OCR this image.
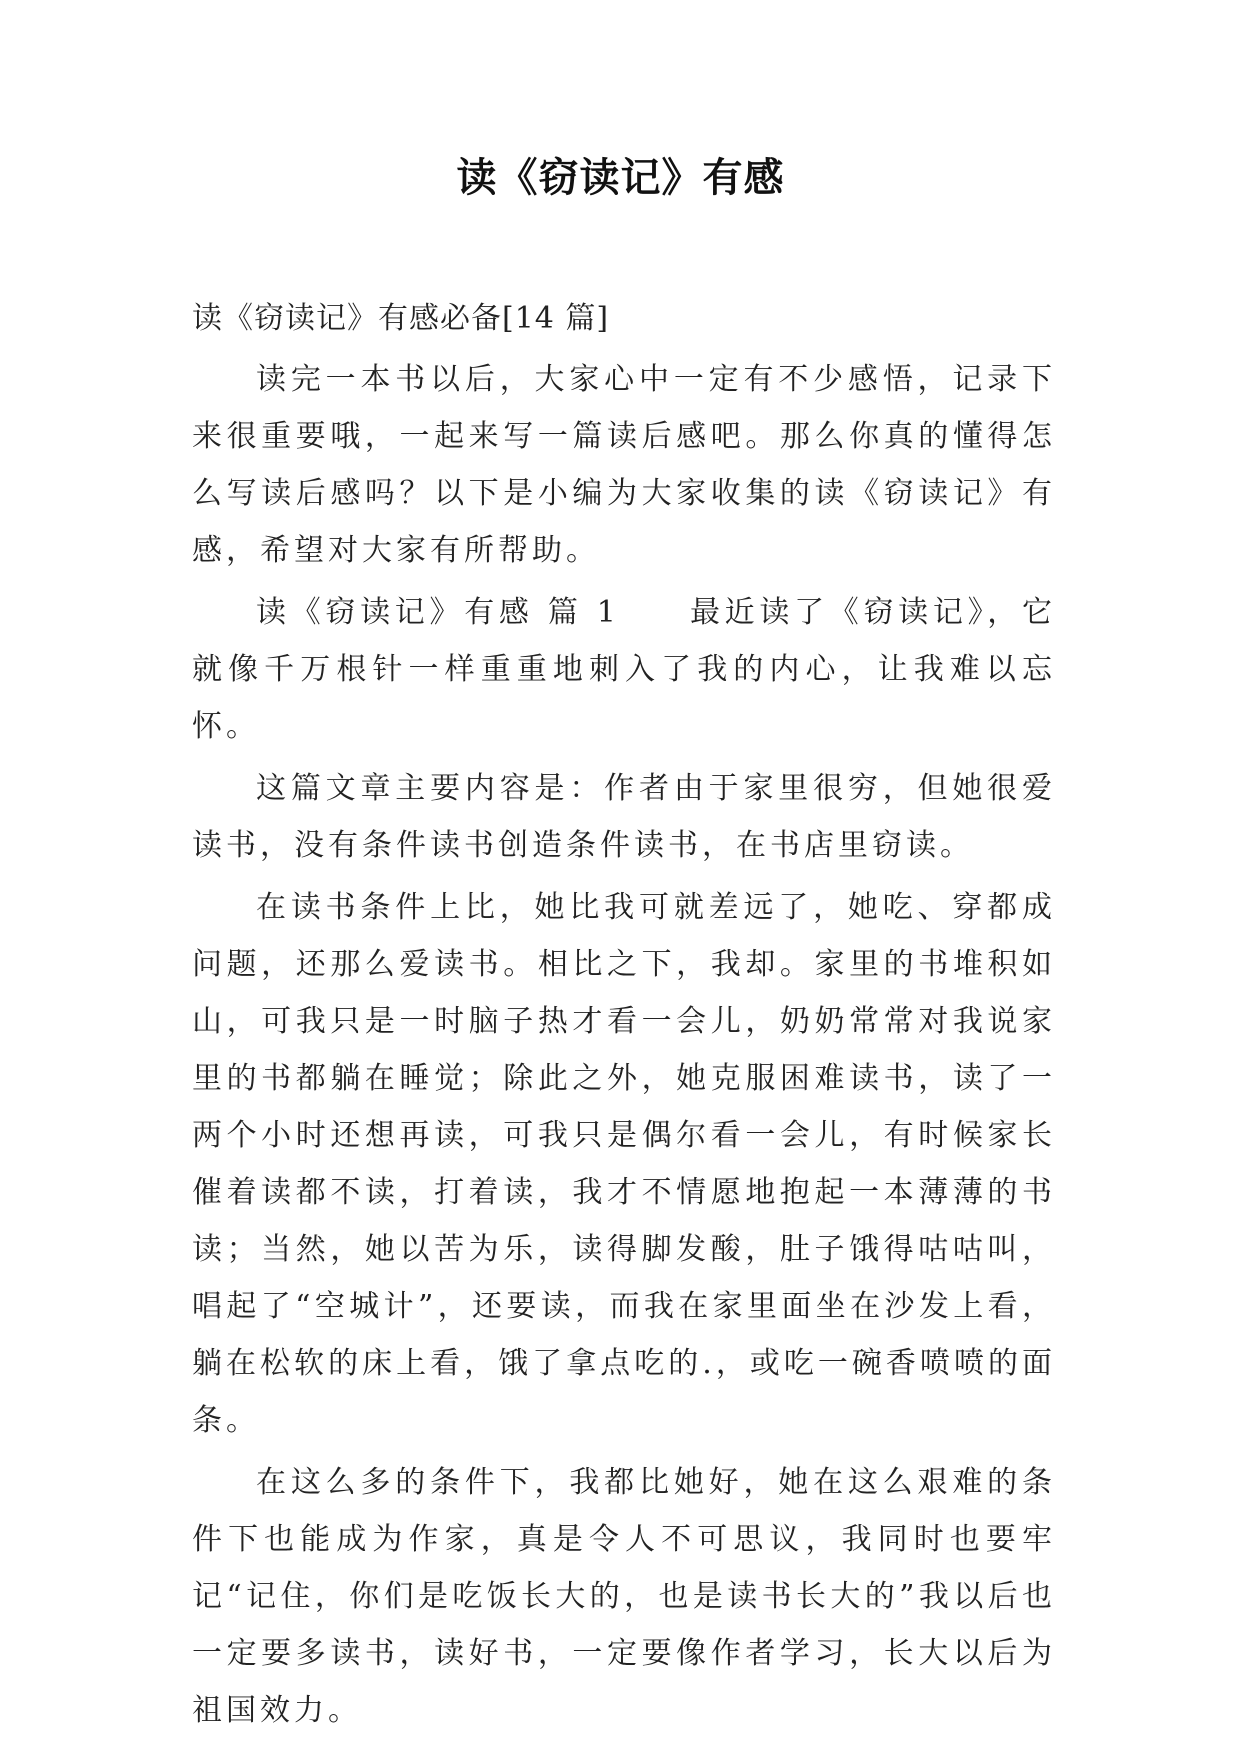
读《窃读记》有感

读《窃读记》有感必备[14 篇]

读完一本书以后，大家心中一定有不少感悟，记录下来很重要哦，一起来写一篇读后感吧。那么你真的懂得怎么写读后感吗？以下是小编为大家收集的读《窃读记》有感，希望对大家有所帮助。

读《窃读记》有感 篇 1　　最近读了《窃读记》，它就像千万根针一样重重地刺入了我的内心，让我难以忘怀。

这篇文章主要内容是：作者由于家里很穷，但她很爱读书，没有条件读书创造条件读书，在书店里窃读。

在读书条件上比，她比我可就差远了，她吃、穿都成问题，还那么爱读书。相比之下，我却。家里的书堆积如山，可我只是一时脑子热才看一会儿，奶奶常常对我说家里的书都躺在睡觉；除此之外，她克服困难读书，读了一两个小时还想再读，可我只是偶尔看一会儿，有时候家长催着读都不读，打着读，我才不情愿地抱起一本薄薄的书读；当然，她以苦为乐，读得脚发酸，肚子饿得咕咕叫，唱起了“空城计”，还要读，而我在家里面坐在沙发上看，躺在松软的床上看，饿了拿点吃的.，或吃一碗香喷喷的面条。

在这么多的条件下，我都比她好，她在这么艰难的条件下也能成为作家，真是令人不可思议，我同时也要牢记“记住，你们是吃饭长大的，也是读书长大的”我以后也一定要多读书，读好书，一定要像作者学习，长大以后为祖国效力。
